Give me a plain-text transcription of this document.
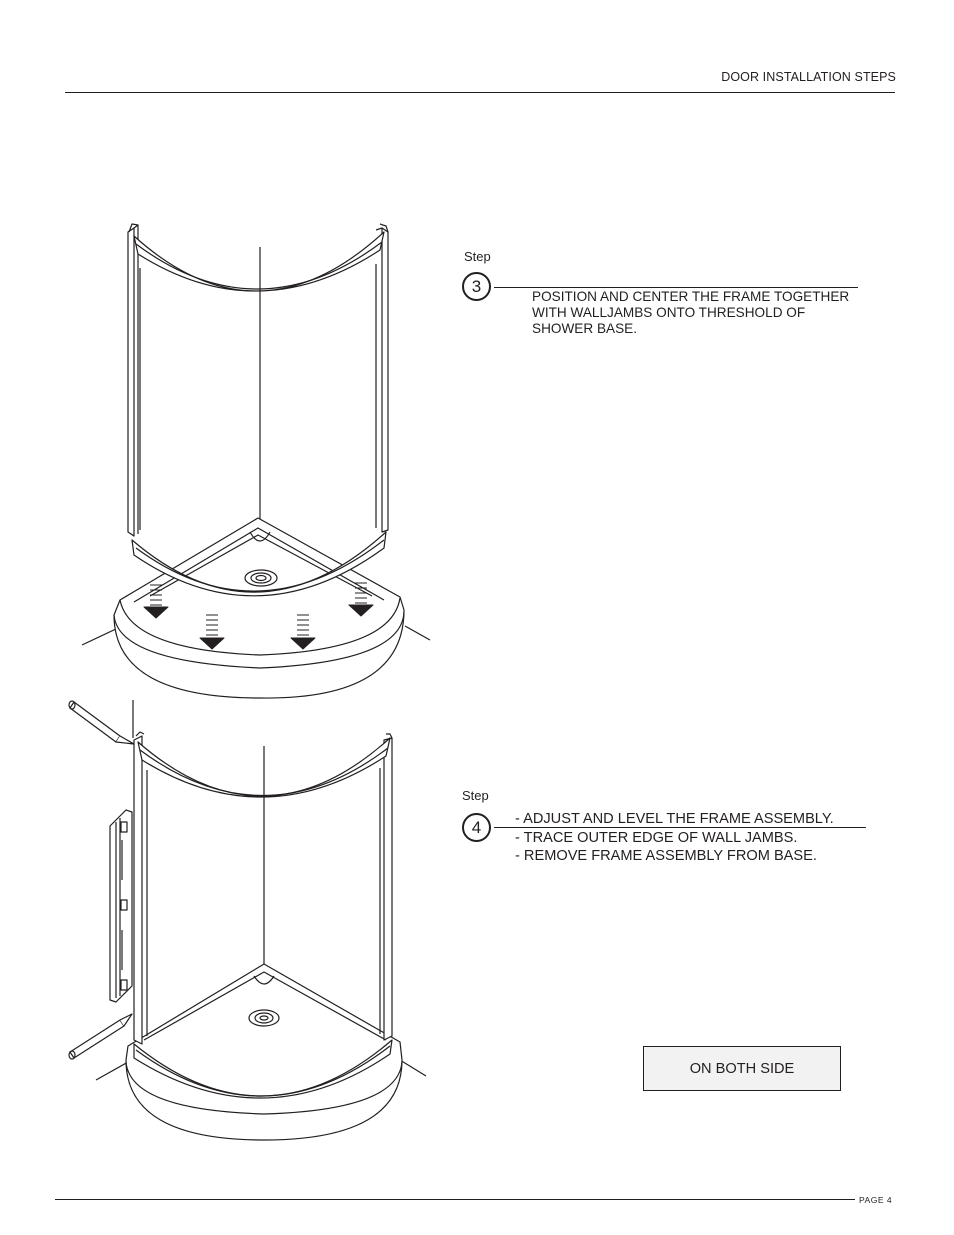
DOOR INSTALLATION STEPS
Step
3
POSITION AND CENTER THE FRAME TOGETHER
WITH WALLJAMBS ONTO THRESHOLD OF
SHOWER BASE.
Step
4 - ADJUST AND LEVEL THE FRAME ASSEMBLY.
- TRACE OUTER EDGE OF WALL JAMBS.
- REMOVE FRAME ASSEMBLY FROM BASE.
ON BOTH SIDE
PAGE 4
